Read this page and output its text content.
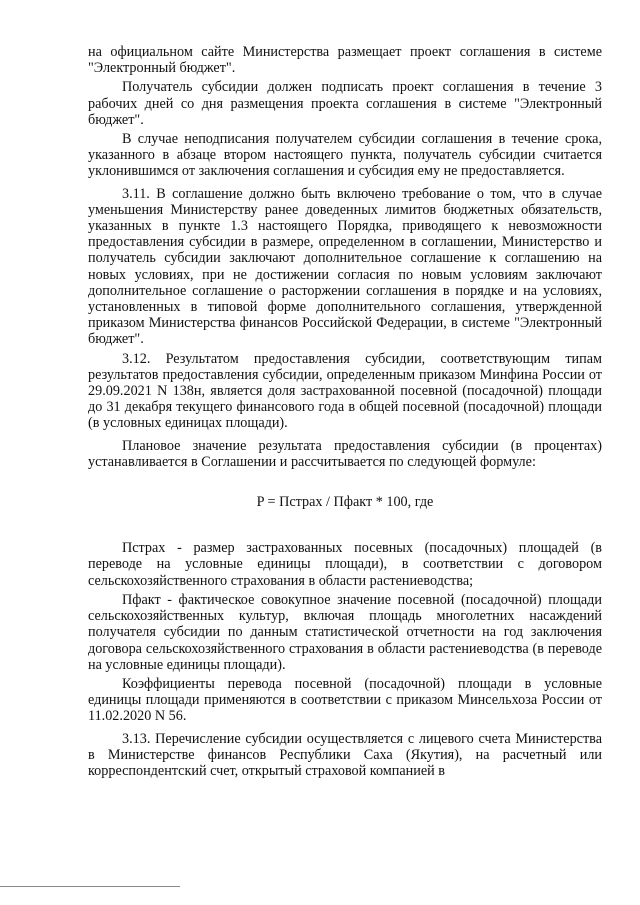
на официальном сайте Министерства размещает проект соглашения в системе "Электронный бюджет".

Получатель субсидии должен подписать проект соглашения в течение 3 рабочих дней со дня размещения проекта соглашения в системе "Электронный бюджет".

В случае неподписания получателем субсидии соглашения в течение срока, указанного в абзаце втором настоящего пункта, получатель субсидии считается уклонившимся от заключения соглашения и субсидия ему не предоставляется.

3.11. В соглашение должно быть включено требование о том, что в случае уменьшения Министерству ранее доведенных лимитов бюджетных обязательств, указанных в пункте 1.3 настоящего Порядка, приводящего к невозможности предоставления субсидии в размере, определенном в соглашении, Министерство и получатель субсидии заключают дополнительное соглашение к соглашению на новых условиях, при не достижении согласия по новым условиям заключают дополнительное соглашение о расторжении соглашения в порядке и на условиях, установленных в типовой форме дополнительного соглашения, утвержденной приказом Министерства финансов Российской Федерации, в системе "Электронный бюджет".

3.12. Результатом предоставления субсидии, соответствующим типам результатов предоставления субсидии, определенным приказом Минфина России от 29.09.2021 N 138н, является доля застрахованной посевной (посадочной) площади до 31 декабря текущего финансового года в общей посевной (посадочной) площади (в условных единицах площади).

Плановое значение результата предоставления субсидии (в процентах) устанавливается в Соглашении и рассчитывается по следующей формуле:

P = Пстрах / Пфакт * 100, где

Пстрах - размер застрахованных посевных (посадочных) площадей (в переводе на условные единицы площади), в соответствии с договором сельскохозяйственного страхования в области растениеводства;

Пфакт - фактическое совокупное значение посевной (посадочной) площади сельскохозяйственных культур, включая площадь многолетних насаждений получателя субсидии по данным статистической отчетности на год заключения договора сельскохозяйственного страхования в области растениеводства (в переводе на условные единицы площади).

Коэффициенты перевода посевной (посадочной) площади в условные единицы площади применяются в соответствии с приказом Минсельхоза России от 11.02.2020 N 56.

3.13. Перечисление субсидии осуществляется с лицевого счета Министерства в Министерстве финансов Республики Саха (Якутия), на расчетный или корреспондентский счет, открытый страховой компанией в
